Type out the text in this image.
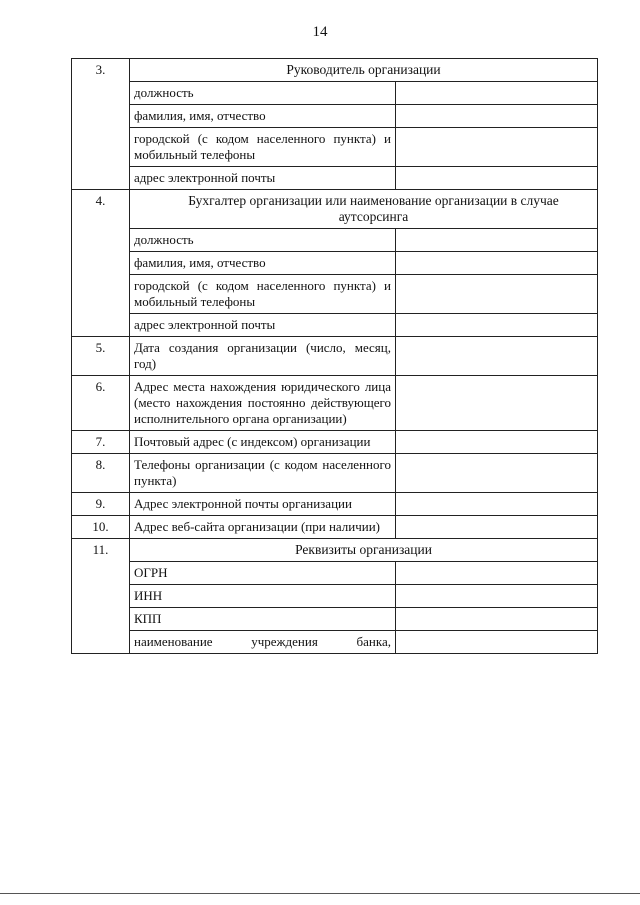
14
3.	Руководитель организации	
	должность	
	фамилия, имя, отчество	
	городской (с кодом населенного пункта) и мобильный телефоны	
	адрес электронной почты	
4.	Бухгалтер организации или наименование организации в случае аутсорсинга	
	должность	
	фамилия, имя, отчество	
	городской (с кодом населенного пункта) и мобильный телефоны	
	адрес электронной почты	
5.	Дата создания организации (число, месяц, год)	
6.	Адрес места нахождения юридического лица (место нахождения постоянно действующего исполнительного органа организации)	
7.	Почтовый адрес (с индексом) организации	
8.	Телефоны организации (с кодом населенного пункта)	
9.	Адрес электронной почты организации	
10.	Адрес веб-сайта организации (при наличии)	
11.	Реквизиты организации	
	ОГРН	
	ИНН	
	КПП	
	наименование учреждения банка,	
